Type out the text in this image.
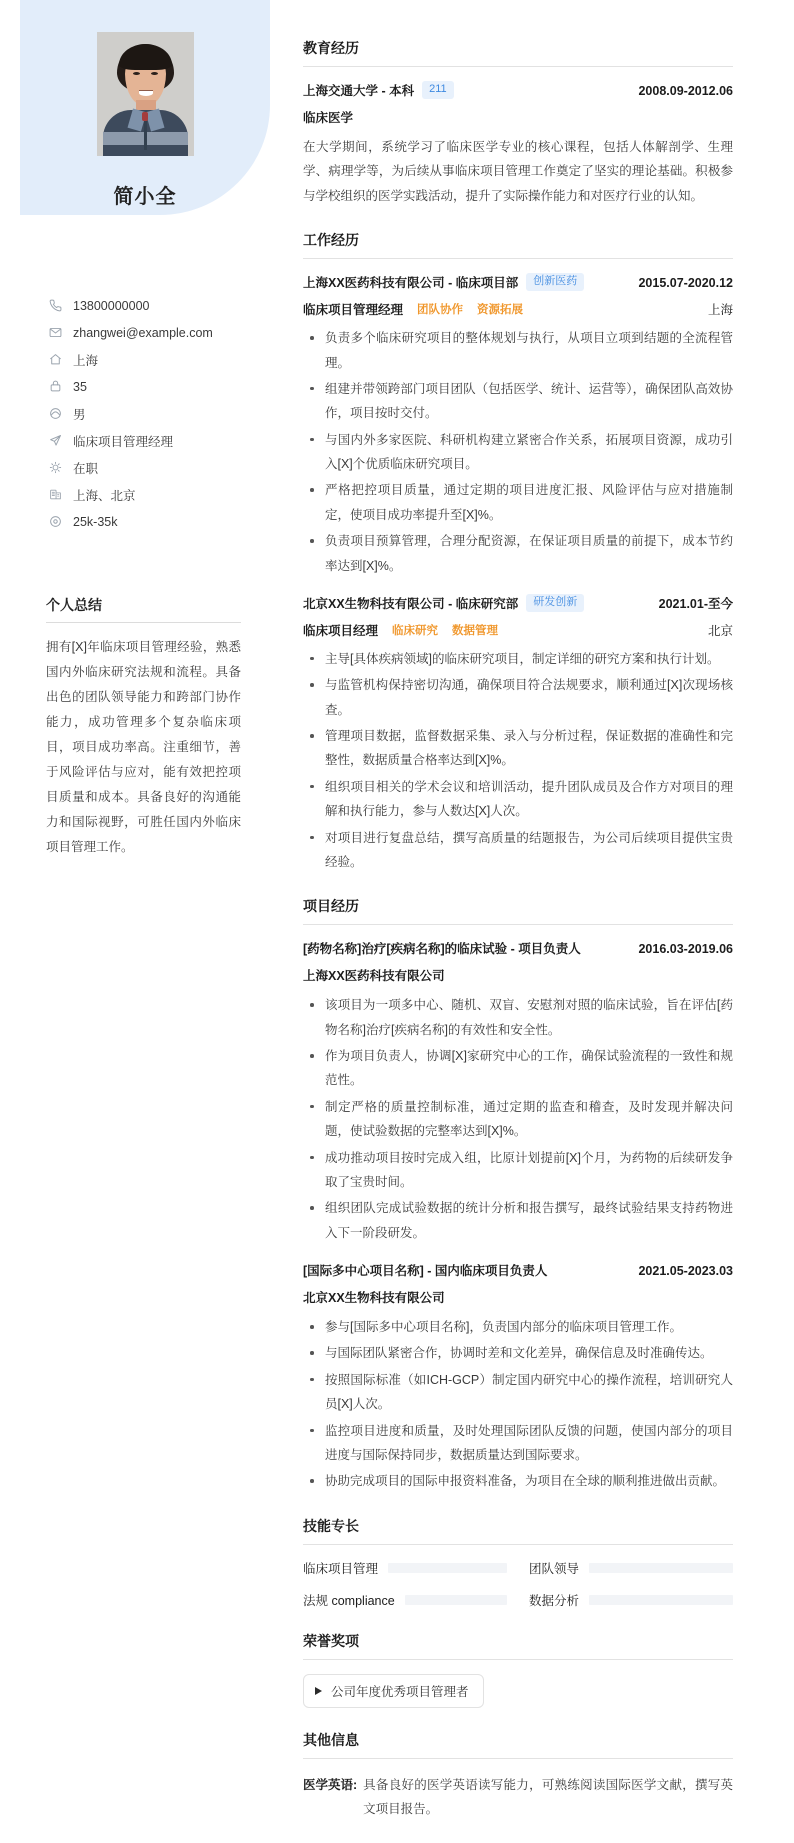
简小全
13800000000
zhangwei@example.com
上海
35
男
临床项目管理经理
在职
上海、北京
25k-35k
个人总结
拥有[X]年临床项目管理经验，熟悉国内外临床研究法规和流程。具备出色的团队领导能力和跨部门协作能力，成功管理多个复杂临床项目，项目成功率高。注重细节，善于风险评估与应对，能有效把控项目质量和成本。具备良好的沟通能力和国际视野，可胜任国内外临床项目管理工作。
教育经历
上海交通大学 - 本科	211	2008.09-2012.06
临床医学
在大学期间，系统学习了临床医学专业的核心课程，包括人体解剖学、生理学、病理学等，为后续从事临床项目管理工作奠定了坚实的理论基础。积极参与学校组织的医学实践活动，提升了实际操作能力和对医疗行业的认知。
工作经历
上海XX医药科技有限公司 - 临床项目部	创新医药	2015.07-2020.12
临床项目管理经理 团队协作 资源拓展	上海
负责多个临床研究项目的整体规划与执行，从项目立项到结题的全流程管理。
组建并带领跨部门项目团队（包括医学、统计、运营等），确保团队高效协作，项目按时交付。
与国内外多家医院、科研机构建立紧密合作关系，拓展项目资源，成功引入[X]个优质临床研究项目。
严格把控项目质量，通过定期的项目进度汇报、风险评估与应对措施制定，使项目成功率提升至[X]%。
负责项目预算管理，合理分配资源，在保证项目质量的前提下，成本节约率达到[X]%。
北京XX生物科技有限公司 - 临床研究部	研发创新	2021.01-至今
临床项目经理 临床研究 数据管理	北京
主导[具体疾病领域]的临床研究项目，制定详细的研究方案和执行计划。
与监管机构保持密切沟通，确保项目符合法规要求，顺利通过[X]次现场核查。
管理项目数据，监督数据采集、录入与分析过程，保证数据的准确性和完整性，数据质量合格率达到[X]%。
组织项目相关的学术会议和培训活动，提升团队成员及合作方对项目的理解和执行能力，参与人数达[X]人次。
对项目进行复盘总结，撰写高质量的结题报告，为公司后续项目提供宝贵经验。
项目经历
[药物名称]治疗[疾病名称]的临床试验 - 项目负责人	2016.03-2019.06
上海XX医药科技有限公司
该项目为一项多中心、随机、双盲、安慰剂对照的临床试验，旨在评估[药物名称]治疗[疾病名称]的有效性和安全性。
作为项目负责人，协调[X]家研究中心的工作，确保试验流程的一致性和规范性。
制定严格的质量控制标准，通过定期的监查和稽查，及时发现并解决问题，使试验数据的完整率达到[X]%。
成功推动项目按时完成入组，比原计划提前[X]个月，为药物的后续研发争取了宝贵时间。
组织团队完成试验数据的统计分析和报告撰写，最终试验结果支持药物进入下一阶段研发。
[国际多中心项目名称] - 国内临床项目负责人	2021.05-2023.03
北京XX生物科技有限公司
参与[国际多中心项目名称]，负责国内部分的临床项目管理工作。
与国际团队紧密合作，协调时差和文化差异，确保信息及时准确传达。
按照国际标准（如ICH-GCP）制定国内研究中心的操作流程，培训研究人员[X]人次。
监控项目进度和质量，及时处理国际团队反馈的问题，使国内部分的项目进度与国际保持同步，数据质量达到国际要求。
协助完成项目的国际申报资料准备，为项目在全球的顺利推进做出贡献。
技能专长
临床项目管理	团队领导
法规 compliance	数据分析
荣誉奖项
公司年度优秀项目管理者
其他信息
医学英语: 具备良好的医学英语读写能力，可熟练阅读国际医学文献，撰写英文项目报告。
